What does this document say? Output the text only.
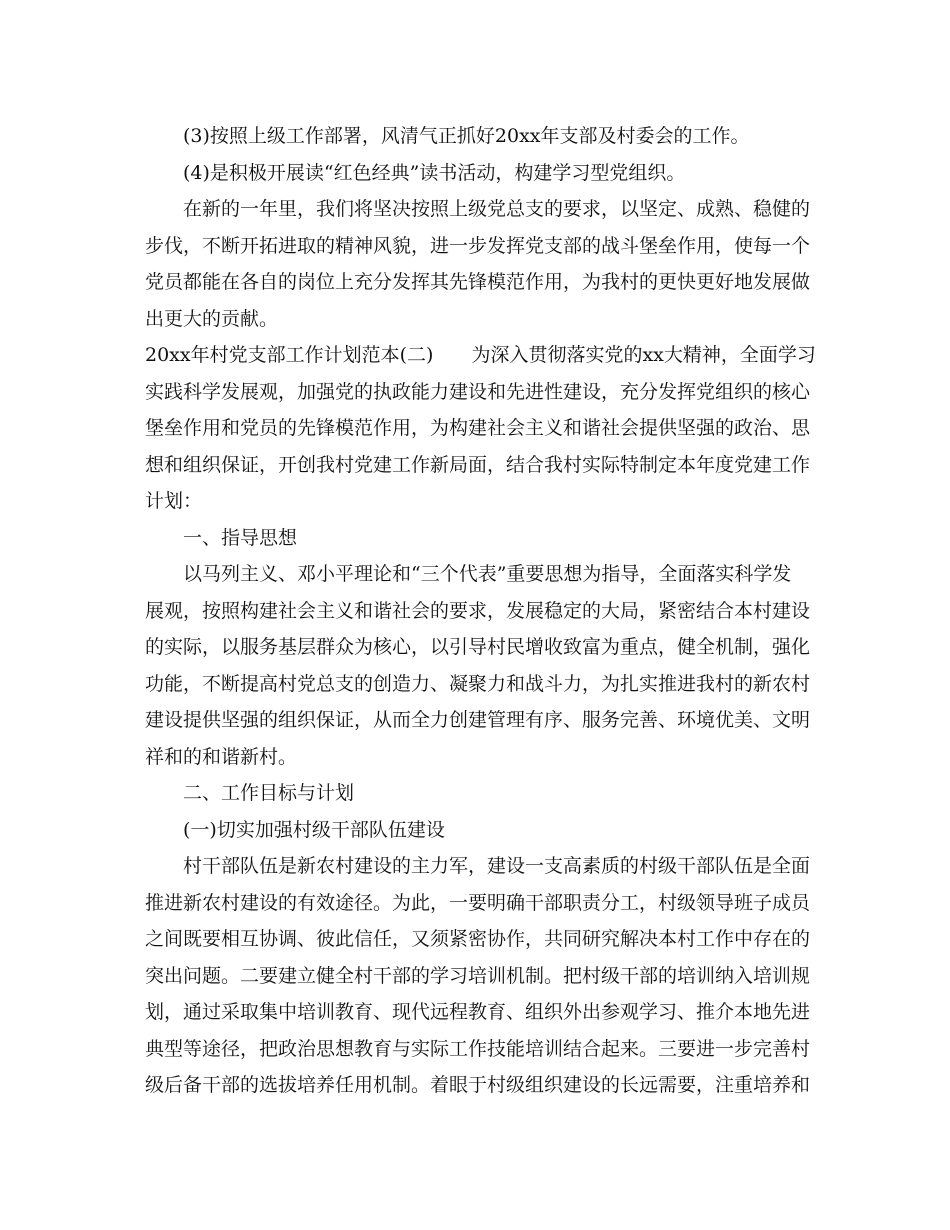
(3)按照上级工作部署，风清气正抓好20xx年支部及村委会的工作。

(4)是积极开展读“红色经典”读书活动，构建学习型党组织。

在新的一年里，我们将坚决按照上级党总支的要求，以坚定、成熟、稳健的

步伐，不断开拓进取的精神风貌，进一步发挥党支部的战斗堡垒作用，使每一个

党员都能在各自的岗位上充分发挥其先锋模范作用，为我村的更快更好地发展做

出更大的贡献。

20xx年村党支部工作计划范本(二) 为深入贯彻落实党的xx大精神，全面学习

实践科学发展观，加强党的执政能力建设和先进性建设，充分发挥党组织的核心

堡垒作用和党员的先锋模范作用，为构建社会主义和谐社会提供坚强的政治、思

想和组织保证，开创我村党建工作新局面，结合我村实际特制定本年度党建工作

计划：

一、指导思想

以马列主义、邓小平理论和“三个代表”重要思想为指导，全面落实科学发

展观，按照构建社会主义和谐社会的要求，发展稳定的大局，紧密结合本村建设

的实际，以服务基层群众为核心，以引导村民增收致富为重点，健全机制，强化

功能，不断提高村党总支的创造力、凝聚力和战斗力，为扎实推进我村的新农村

建设提供坚强的组织保证，从而全力创建管理有序、服务完善、环境优美、文明

祥和的和谐新村。

二、工作目标与计划

(一)切实加强村级干部队伍建设

村干部队伍是新农村建设的主力军，建设一支高素质的村级干部队伍是全面

推进新农村建设的有效途径。为此，一要明确干部职责分工，村级领导班子成员

之间既要相互协调、彼此信任，又须紧密协作，共同研究解决本村工作中存在的

突出问题。二要建立健全村干部的学习培训机制。把村级干部的培训纳入培训规

划，通过采取集中培训教育、现代远程教育、组织外出参观学习、推介本地先进

典型等途径，把政治思想教育与实际工作技能培训结合起来。三要进一步完善村

级后备干部的选拔培养任用机制。着眼于村级组织建设的长远需要，注重培养和
